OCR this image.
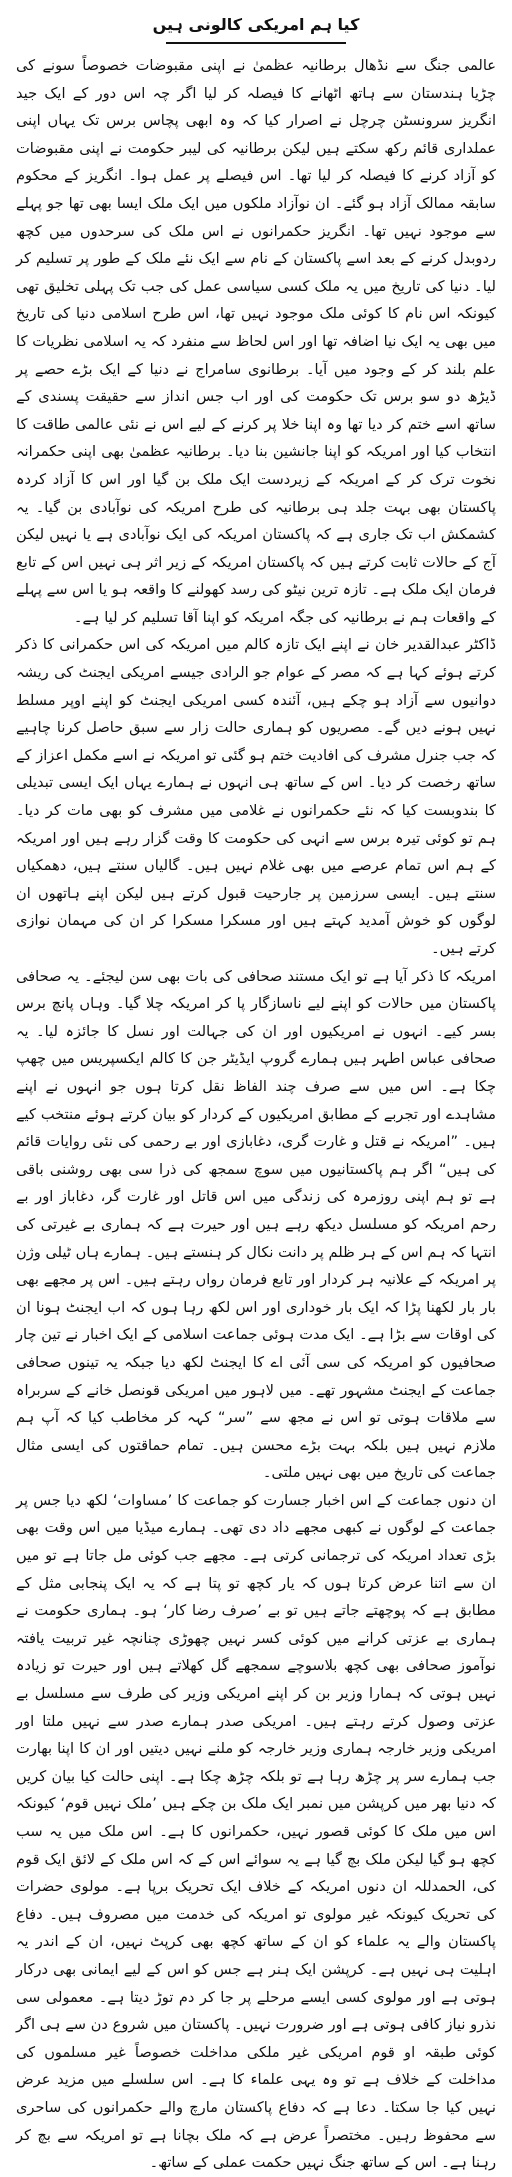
کیا ہم امریکی کالونی ہیں

عالمی جنگ سے نڈھال برطانیہ عظمیٰ نے اپنی مقبوضات خصوصاً سونے کی چڑیا ہندستان سے ہاتھ اٹھانے کا فیصلہ کر لیا اگر چہ اس دور کے ایک جید انگریز سرونسٹن چرچل نے اصرار کیا کہ وہ ابھی پچاس برس تک یہاں اپنی عملداری قائم رکھ سکتے ہیں لیکن برطانیہ کی لیبر حکومت نے اپنی مقبوضات کو آزاد کرنے کا فیصلہ کر لیا تھا۔ اس فیصلے پر عمل ہوا۔ انگریز کے محکوم سابقہ ممالک آزاد ہو گئے۔ ان نوآزاد ملکوں میں ایک ملک ایسا بھی تھا جو پہلے سے موجود نہیں تھا۔ انگریز حکمرانوں نے اس ملک کی سرحدوں میں کچھ ردوبدل کرنے کے بعد اسے پاکستان کے نام سے ایک نئے ملک کے طور پر تسلیم کر لیا۔ دنیا کی تاریخ میں یہ ملک کسی سیاسی عمل کی جب تک پہلی تخلیق تھی کیونکہ اس نام کا کوئی ملک موجود نہیں تھا، اس طرح اسلامی دنیا کی تاریخ میں بھی یہ ایک نیا اضافہ تھا اور اس لحاظ سے منفرد کہ یہ اسلامی نظریات کا علم بلند کر کے وجود میں آیا۔ برطانوی سامراج نے دنیا کے ایک بڑے حصے پر ڈیڑھ دو سو برس تک حکومت کی اور اب جس انداز سے حقیقت پسندی کے ساتھ اسے ختم کر دیا تھا وہ اپنا خلا پر کرنے کے لیے اس نے نئی عالمی طاقت کا انتخاب کیا اور امریکہ کو اپنا جانشین بنا دیا۔ برطانیہ عظمیٰ بھی اپنی حکمرانہ نخوت ترک کر کے امریکہ کے زیردست ایک ملک بن گیا اور اس کا آزاد کردہ پاکستان بھی بہت جلد ہی برطانیہ کی طرح امریکہ کی نوآبادی بن گیا۔ یہ کشمکش اب تک جاری ہے کہ پاکستان امریکہ کی ایک نوآبادی ہے یا نہیں لیکن آج کے حالات ثابت کرتے ہیں کہ پاکستان امریکہ کے زیر اثر ہی نہیں اس کے تابع فرمان ایک ملک ہے۔ تازہ ترین نیٹو کی رسد کھولنے کا واقعہ ہو یا اس سے پہلے کے واقعات ہم نے برطانیہ کی جگہ امریکہ کو اپنا آقا تسلیم کر لیا ہے۔

ڈاکٹر عبدالقدیر خان نے اپنے ایک تازہ کالم میں امریکہ کی اس حکمرانی کا ذکر کرتے ہوئے کہا ہے کہ مصر کے عوام جو الرادی جیسے امریکی ایجنٹ کی ریشہ دوانیوں سے آزاد ہو چکے ہیں، آئندہ کسی امریکی ایجنٹ کو اپنے اوپر مسلط نہیں ہونے دیں گے۔ مصریوں کو ہماری حالت زار سے سبق حاصل کرنا چاہیے کہ جب جنرل مشرف کی افادیت ختم ہو گئی تو امریکہ نے اسے مکمل اعزاز کے ساتھ رخصت کر دیا۔ اس کے ساتھ ہی انہوں نے ہمارے یہاں ایک ایسی تبدیلی کا بندوبست کیا کہ نئے حکمرانوں نے غلامی میں مشرف کو بھی مات کر دیا۔ ہم تو کوئی تیرہ برس سے انہی کی حکومت کا وقت گزار رہے ہیں اور امریکہ کے ہم اس تمام عرصے میں بھی غلام نہیں ہیں۔ گالیاں سنتے ہیں، دھمکیاں سنتے ہیں۔ ایسی سرزمین پر جارحیت قبول کرتے ہیں لیکن اپنے ہاتھوں ان لوگوں کو خوش آمدید کہتے ہیں اور مسکرا مسکرا کر ان کی مہمان نوازی کرتے ہیں۔

امریکہ کا ذکر آیا ہے تو ایک مستند صحافی کی بات بھی سن لیجئے۔ یہ صحافی پاکستان میں حالات کو اپنے لیے ناسازگار پا کر امریکہ چلا گیا۔ وہاں پانچ برس بسر کیے۔ انہوں نے امریکیوں اور ان کی جہالت اور نسل کا جائزہ لیا۔ یہ صحافی عباس اطہر ہیں ہمارے گروپ ایڈیٹر جن کا کالم ایکسپریس میں چھپ چکا ہے۔ اس میں سے صرف چند الفاظ نقل کرتا ہوں جو انہوں نے اپنے مشاہدے اور تجربے کے مطابق امریکیوں کے کردار کو بیان کرتے ہوئے منتخب کیے ہیں۔ ”امریکہ نے قتل و غارت گری، دغابازی اور بے رحمی کی نئی روایات قائم کی ہیں“ اگر ہم پاکستانیوں میں سوچ سمجھ کی ذرا سی بھی روشنی باقی ہے تو ہم اپنی روزمرہ کی زندگی میں اس قاتل اور غارت گر، دغاباز اور بے رحم امریکہ کو مسلسل دیکھ رہے ہیں اور حیرت ہے کہ ہماری بے غیرتی کی انتہا کہ ہم اس کے ہر ظلم پر دانت نکال کر ہنستے ہیں۔ ہمارے ہاں ٹیلی وژن پر امریکہ کے علانیہ ہر کردار اور تابع فرمان رواں رہتے ہیں۔ اس پر مجھے بھی بار بار لکھنا پڑا کہ ایک بار خوداری اور اس لکھ رہا ہوں کہ اب ایجنٹ ہونا ان کی اوقات سے بڑا ہے۔ ایک مدت ہوئی جماعت اسلامی کے ایک اخبار نے تین چار صحافیوں کو امریکہ کی سی آئی اے کا ایجنٹ لکھ دیا جبکہ یہ تینوں صحافی جماعت کے ایجنٹ مشہور تھے۔ میں لاہور میں امریکی قونصل خانے کے سربراہ سے ملاقات ہوتی تو اس نے مجھ سے ”سر“ کہہ کر مخاطب کیا کہ آپ ہم ملازم نہیں ہیں بلکہ بہت بڑے محسن ہیں۔ تمام حماقتوں کی ایسی مثال جماعت کی تاریخ میں بھی نہیں ملتی۔

ان دنوں جماعت کے اس اخبار جسارت کو جماعت کا ’مساوات‘ لکھ دیا جس پر جماعت کے لوگوں نے کبھی مجھے داد دی تھی۔ ہمارے میڈیا میں اس وقت بھی بڑی تعداد امریکہ کی ترجمانی کرتی ہے۔ مجھے جب کوئی مل جاتا ہے تو میں ان سے اتنا عرض کرتا ہوں کہ یار کچھ تو پتا ہے کہ یہ ایک پنجابی مثل کے مطابق ہے کہ پوچھتے جاتے ہیں تو بے ’صرف رضا کار‘ ہو۔ ہماری حکومت نے ہماری بے عزتی کرانے میں کوئی کسر نہیں چھوڑی چنانچہ غیر تربیت یافتہ نوآموز صحافی بھی کچھ بلاسوچے سمجھے گل کھلاتے ہیں اور حیرت تو زیادہ نہیں ہوتی کہ ہمارا وزیر بن کر اپنے امریکی وزیر کی طرف سے مسلسل بے عزتی وصول کرتے رہتے ہیں۔ امریکی صدر ہمارے صدر سے نہیں ملتا اور امریکی وزیر خارجہ ہماری وزیر خارجہ کو ملنے نہیں دیتیں اور ان کا اپنا بھارت جب ہمارے سر پر چڑھ رہا ہے تو بلکہ چڑھ چکا ہے۔ اپنی حالت کیا بیان کریں کہ دنیا بھر میں کرپشن میں نمبر ایک ملک بن چکے ہیں ’ملک نہیں قوم‘ کیونکہ اس میں ملک کا کوئی قصور نہیں، حکمرانوں کا ہے۔ اس ملک میں یہ سب کچھ ہو گیا لیکن ملک بچ گیا ہے یہ سوائے اس کے کہ اس ملک کے لائق ایک قوم کی، الحمدللہ ان دنوں امریکہ کے خلاف ایک تحریک برپا ہے۔ مولوی حضرات کی تحریک کیونکہ غیر مولوی تو امریکہ کی خدمت میں مصروف ہیں۔ دفاع پاکستان والے یہ علماء کو ان کے ساتھ کچھ بھی کرپٹ نہیں، ان کے اندر یہ اہلیت ہی نہیں ہے۔ کرپشن ایک ہنر ہے جس کو اس کے لیے ایمانی بھی درکار ہوتی ہے اور مولوی کسی ایسے مرحلے پر جا کر دم توڑ دیتا ہے۔ معمولی سی نذرو نیاز کافی ہوتی ہے اور ضرورت نہیں۔ پاکستان میں شروع دن سے ہی اگر کوئی طبقہ او قوم امریکی غیر ملکی مداخلت خصوصاً غیر مسلموں کی مداخلت کے خلاف ہے تو وہ یہی علماء کا ہے۔ اس سلسلے میں مزید عرض نہیں کیا جا سکتا۔ دعا ہے کہ دفاع پاکستان مارچ والے حکمرانوں کی ساحری سے محفوظ رہیں۔ مختصراً عرض ہے کہ ملک بچانا ہے تو امریکہ سے بچ کر رہنا ہے۔ اس کے ساتھ جنگ نہیں حکمت عملی کے ساتھ۔
